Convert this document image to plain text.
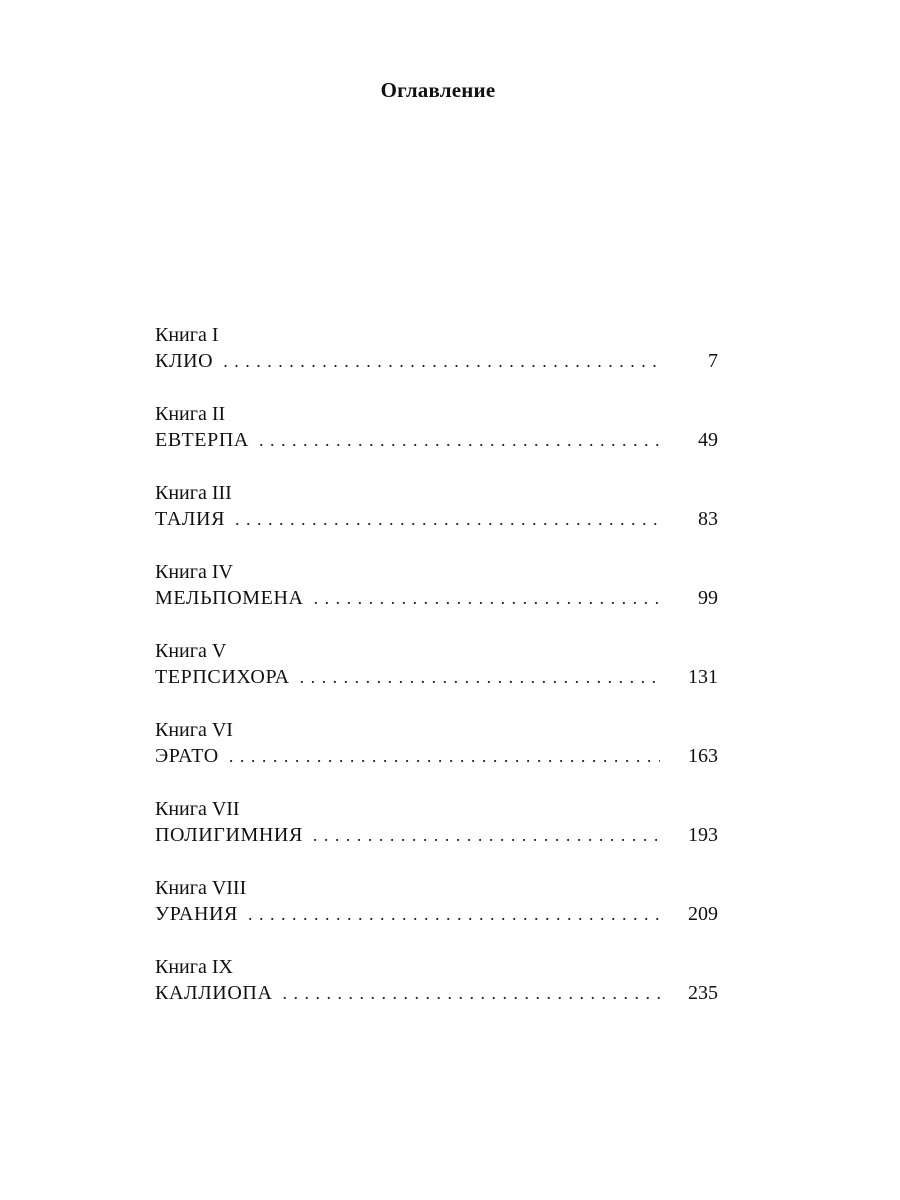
Оглавление
Книга I
КЛИО . . .	7
Книга II
ЕВТЕРПА . . .	49
Книга III
ТАЛИЯ . . .	83
Книга IV
МЕЛЬПОМЕНА . . .	99
Книга V
ТЕРПСИХОРА . . .	131
Книга VI
ЭРАТО . . .	163
Книга VII
ПОЛИГИМНИЯ . . .	193
Книга VIII
УРАНИЯ . . .	209
Книга IX
КАЛЛИОПА . . .	235
